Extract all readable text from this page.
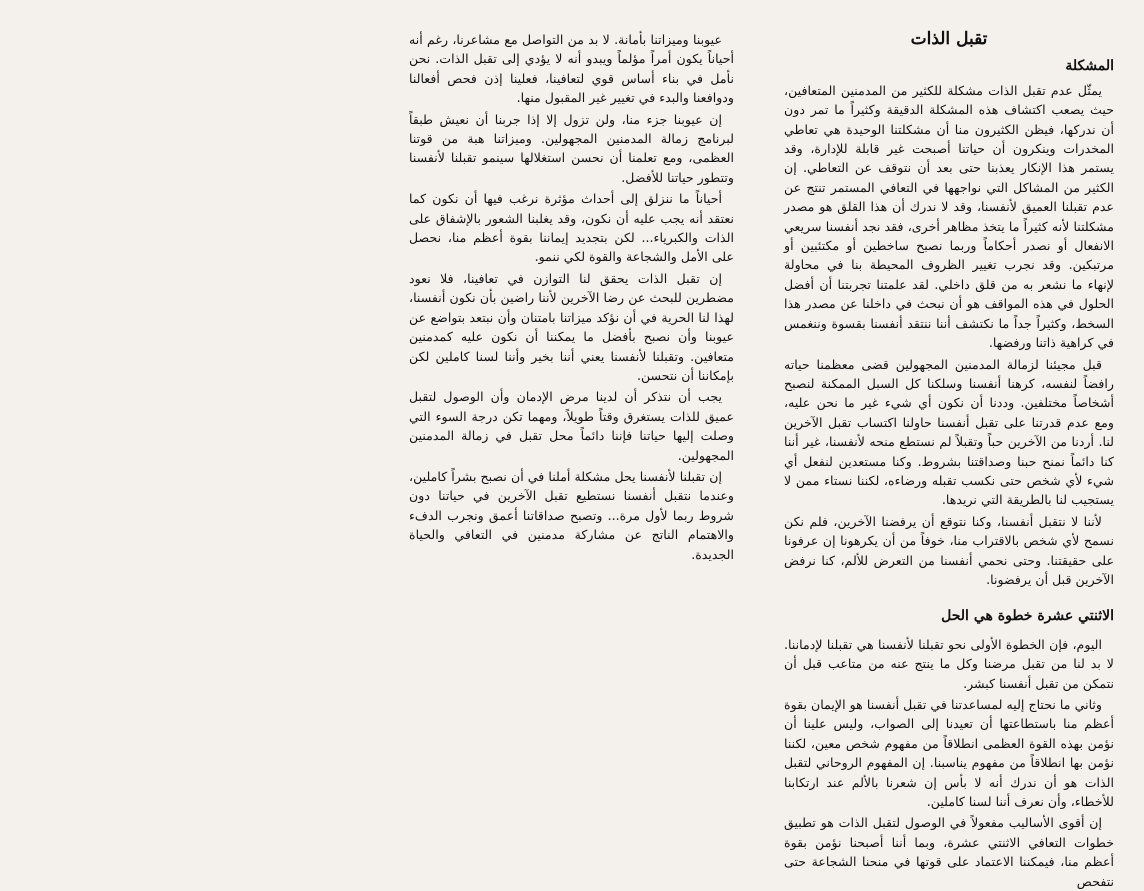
تقبل الذات
المشكلة

يمثّل عدم تقبل الذات مشكلة للكثير من المدمنين المتعافين، حيث يصعب اكتشاف هذه المشكلة الدقيقة وكثيراً ما تمر دون أن ندركها، فيظن الكثيرون منا أن مشكلتنا الوحيدة هي تعاطي المخدرات وينكرون أن حياتنا أصبحت غير قابلة للإدارة، وقد يستمر هذا الإنكار يعذبنا حتى بعد أن نتوقف عن التعاطي. إن الكثير من المشاكل التي نواجهها في التعافي المستمر تنتج عن عدم تقبلنا العميق لأنفسنا، وقد لا ندرك أن هذا القلق هو مصدر مشكلتنا لأنه كثيراً ما يتخذ مظاهر أخرى، فقد نجد أنفسنا سريعي الانفعال أو نصدر أحكاماً وربما نصبح ساخطين أو مكتئبين أو مرتبكين. وقد نجرب تغيير الظروف المحيطة بنا في محاولة لإنهاء ما نشعر به من قلق داخلي. لقد علمتنا تجربتنا أن أفضل الحلول في هذه المواقف هو أن نبحث في داخلنا عن مصدر هذا السخط، وكثيراً جداً ما نكتشف أننا ننتقد أنفسنا بقسوة وننغمس في كراهية ذاتنا ورفضها.

قبل مجيئنا لزمالة المدمنين المجهولين قضى معظمنا حياته رافضاً لنفسه، كرهنا أنفسنا وسلكنا كل السبل الممكنة لنصبح أشخاصاً مختلفين. وددنا أن نكون أي شيء غير ما نحن عليه، ومع عدم قدرتنا على تقبل أنفسنا حاولنا اكتساب تقبل الآخرين لنا. أردنا من الآخرين حباً وتقبلاً لم نستطع منحه لأنفسنا، غير أننا كنا دائماً نمنح حبنا وصداقتنا بشروط. وكنا مستعدين لنفعل أي شيء لأي شخص حتى نكسب تقبله ورضاءه، لكننا نستاء ممن لا يستجيب لنا بالطريقة التي نريدها.

لأننا لا نتقبل أنفسنا، وكنا نتوقع أن يرفضنا الآخرين، فلم نكن نسمح لأي شخص بالاقتراب منا، خوفاً من أن يكرهونا إن عرفونا على حقيقتنا. وحتى نحمي أنفسنا من التعرض للألم، كنا نرفض الآخرين قبل أن يرفضونا.

الاثنتي عشرة خطوة هي الحل

اليوم، فإن الخطوة الأولى نحو تقبلنا لأنفسنا هي تقبلنا لإدماننا. لا بد لنا من تقبل مرضنا وكل ما ينتج عنه من متاعب قبل أن نتمكن من تقبل أنفسنا كبشر.

وثاني ما نحتاج إليه لمساعدتنا في تقبل أنفسنا هو الإيمان بقوة أعظم منا باستطاعتها أن تعيدنا إلى الصواب، وليس علينا أن نؤمن بهذه القوة العظمى انطلاقاً من مفهوم شخص معين، لكننا نؤمن بها انطلاقاً من مفهوم يناسبنا. إن المفهوم الروحاني لتقبل الذات هو أن ندرك أنه لا بأس إن شعرنا بالألم عند ارتكابنا للأخطاء، وأن نعرف أننا لسنا كاملين.

إن أقوى الأساليب مفعولاً في الوصول لتقبل الذات هو تطبيق خطوات التعافي الاثنتي عشرة، وبما أننا أصبحنا نؤمن بقوة أعظم منا، فيمكننا الاعتماد على قوتها في منحنا الشجاعة حتى نتفحص

عيوبنا وميزاتنا بأمانة. لا بد من التواصل مع مشاعرنا، رغم أنه أحياناً يكون أمراً مؤلماً ويبدو أنه لا يؤدي إلى تقبل الذات. نحن نأمل في بناء أساس قوي لتعافينا، فعلينا إذن فحص أفعالنا ودوافعنا والبدء في تغيير غير المقبول منها.

إن عيوبنا جزء منا، ولن تزول إلا إذا جربنا أن نعيش طبقاً لبرنامج زمالة المدمنين المجهولين. وميزاتنا هبة من قوتنا العظمى، ومع تعلمنا أن نحسن استغلالها سينمو تقبلنا لأنفسنا وتتطور حياتنا للأفضل.

أحياناً ما ننزلق إلى أحداث مؤثرة نرغب فيها أن نكون كما نعتقد أنه يجب عليه أن نكون، وقد يغلبنا الشعور بالإشفاق على الذات والكبرياء... لكن بتجديد إيماننا بقوة أعظم منا، نحصل على الأمل والشجاعة والقوة لكي ننمو.

إن تقبل الذات يحقق لنا التوازن في تعافينا، فلا نعود مضطرين للبحث عن رضا الآخرين لأننا راضين بأن نكون أنفسنا، لهذا لنا الحرية في أن نؤكد ميزاتنا بامتنان وأن نبتعد بتواضع عن عيوبنا وأن نصبح بأفضل ما يمكننا أن نكون عليه كمدمنين متعافين. وتقبلنا لأنفسنا يعني أننا بخير وأننا لسنا كاملين لكن بإمكاننا أن نتحسن.

يجب أن نتذكر أن لدينا مرض الإدمان وأن الوصول لتقبل عميق للذات يستغرق وقتاً طويلاً، ومهما تكن درجة السوء التي وصلت إليها حياتنا فإننا دائماً محل تقبل في زمالة المدمنين المجهولين.

إن تقبلنا لأنفسنا يحل مشكلة أملنا في أن نصبح بشراً كاملين، وعندما نتقبل أنفسنا نستطيع تقبل الآخرين في حياتنا دون شروط ربما لأول مرة... وتصبح صداقاتنا أعمق ونجرب الدفء والاهتمام الناتج عن مشاركة مدمنين في التعافي والحياة الجديدة.
